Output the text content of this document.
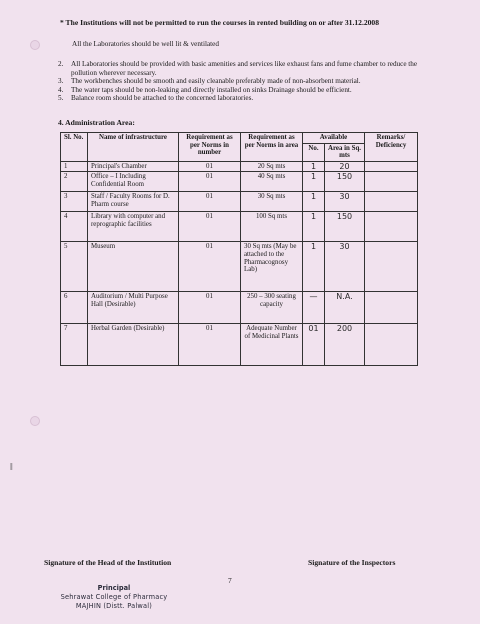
ǁ
* The Institutions will not be permitted to run the courses in rented building on or after 31.12.2008
All the Laboratories should be well lit & ventilated
2.	All Laboratories should be provided with basic amenities and services like exhaust fans and fume chamber to reduce the pollution wherever necessary.
3.	The workbenches should be smooth and easily cleanable preferably made of non-absorbent material.
4.	The water taps should be non-leaking and directly installed on sinks Drainage should be efficient.
5.	Balance room should be attached to the concerned laboratories.
4. Administration Area:
Sl. No.	Name of infrastructure	Requirement as per Norms in number	Requirement as per Norms in area	Available		Remarks/ Deficiency
				No.	Area in Sq. mts	
1	Principal's Chamber	01	20 Sq mts	1	20	
2	Office – I Including Confidential Room	01	40 Sq mts	1	150	
3	Staff / Faculty Rooms for D. Pharm course	01	30 Sq mts	1	30	
4	Library with computer and reprographic facilities	01	100 Sq mts	1	150	
5	Museum	01	30 Sq mts (May be attached to the Pharmacognosy Lab)	1	30	
6	Auditorium / Multi Purpose Hall (Desirable)	01	250 – 300 seating capacity	—	N.A.	
7	Herbal Garden (Desirable)	01	Adequate Number of Medicinal Plants	01	200	
Signature of the Head of the Institution	Signature of the Inspectors
7
Principal
Sehrawat College of Pharmacy
MAJHIN (Distt. Palwal)
